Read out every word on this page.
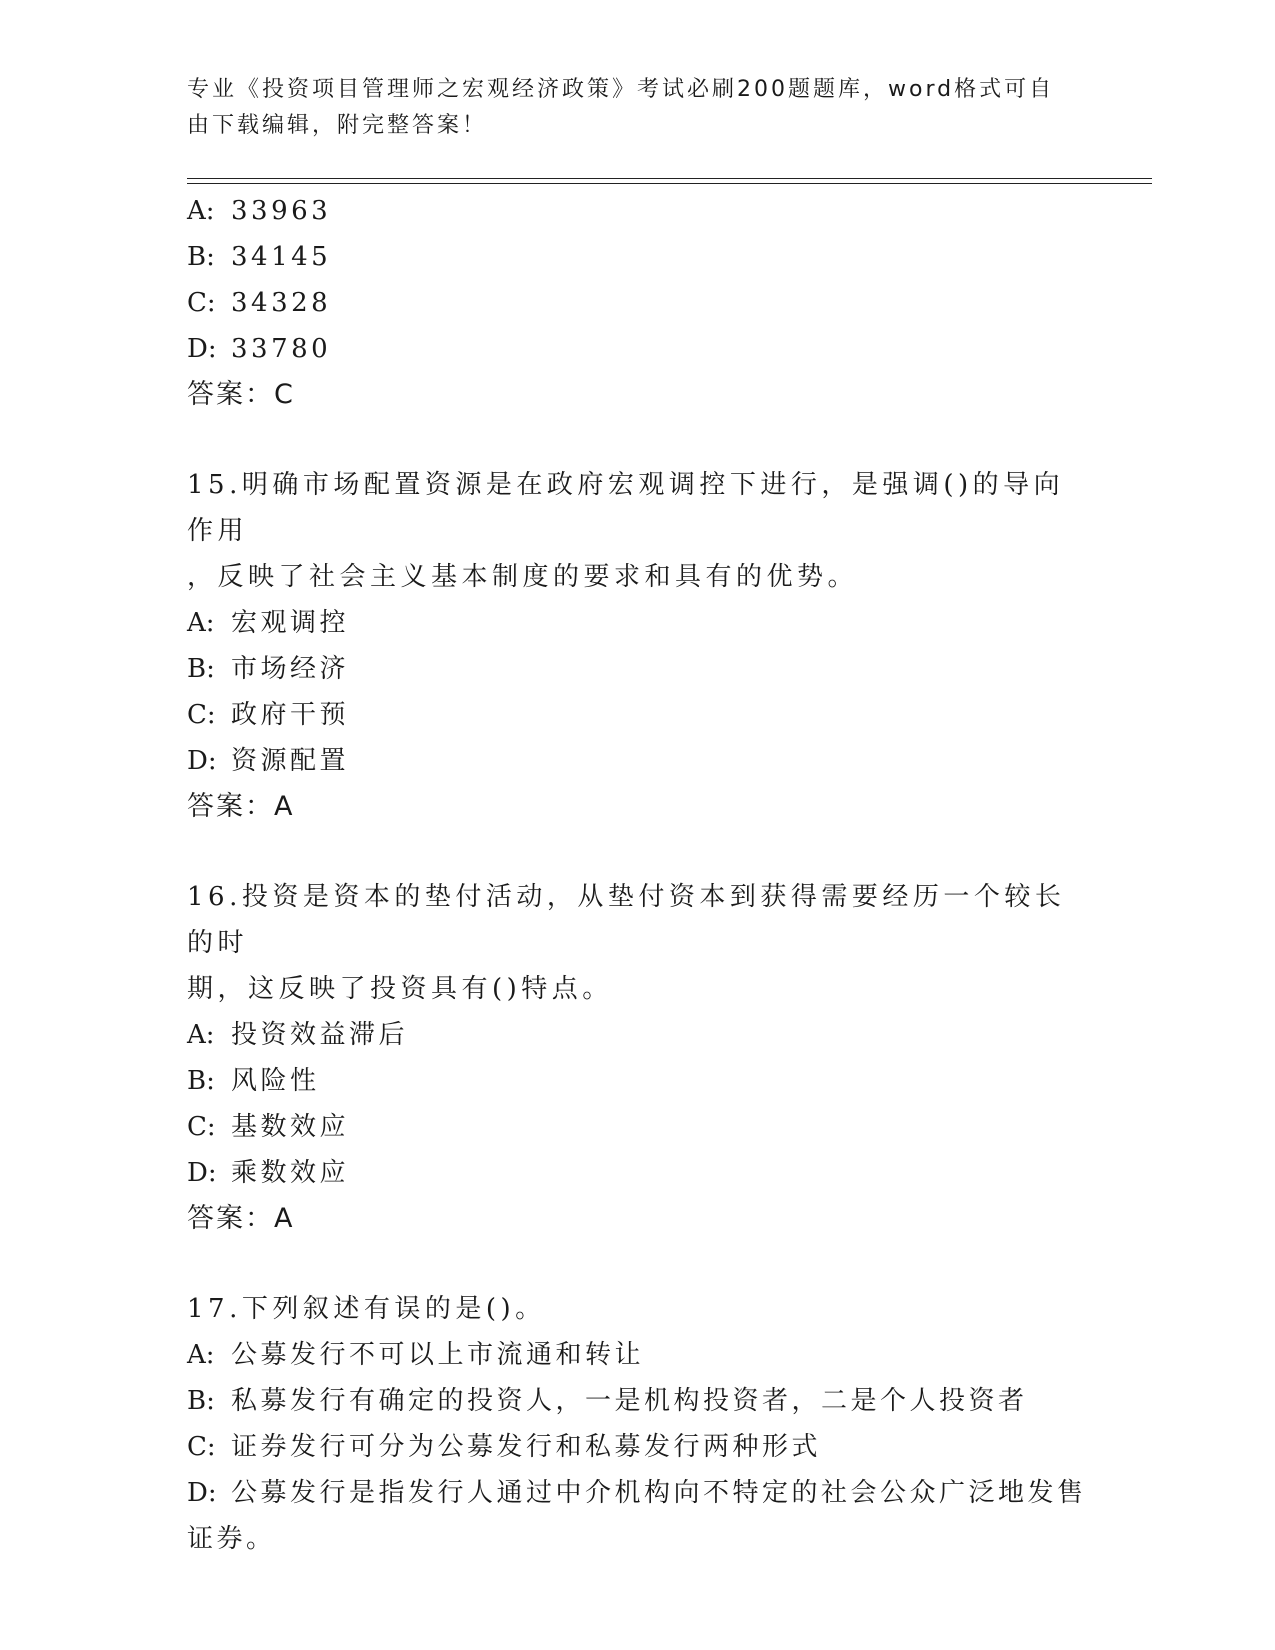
专业《投资项目管理师之宏观经济政策》考试必刷200题题库，word格式可自由下载编辑，附完整答案！
A: 33963
B: 34145
C: 34328
D: 33780
答案：C
15.明确市场配置资源是在政府宏观调控下进行，是强调()的导向作用
，反映了社会主义基本制度的要求和具有的优势。
A: 宏观调控
B: 市场经济
C: 政府干预
D: 资源配置
答案：A
16.投资是资本的垫付活动，从垫付资本到获得需要经历一个较长的时
期，这反映了投资具有()特点。
A: 投资效益滞后
B: 风险性
C: 基数效应
D: 乘数效应
答案：A
17.下列叙述有误的是()。
A: 公募发行不可以上市流通和转让
B: 私募发行有确定的投资人，一是机构投资者，二是个人投资者
C: 证券发行可分为公募发行和私募发行两种形式
D: 公募发行是指发行人通过中介机构向不特定的社会公众广泛地发售
证券。
